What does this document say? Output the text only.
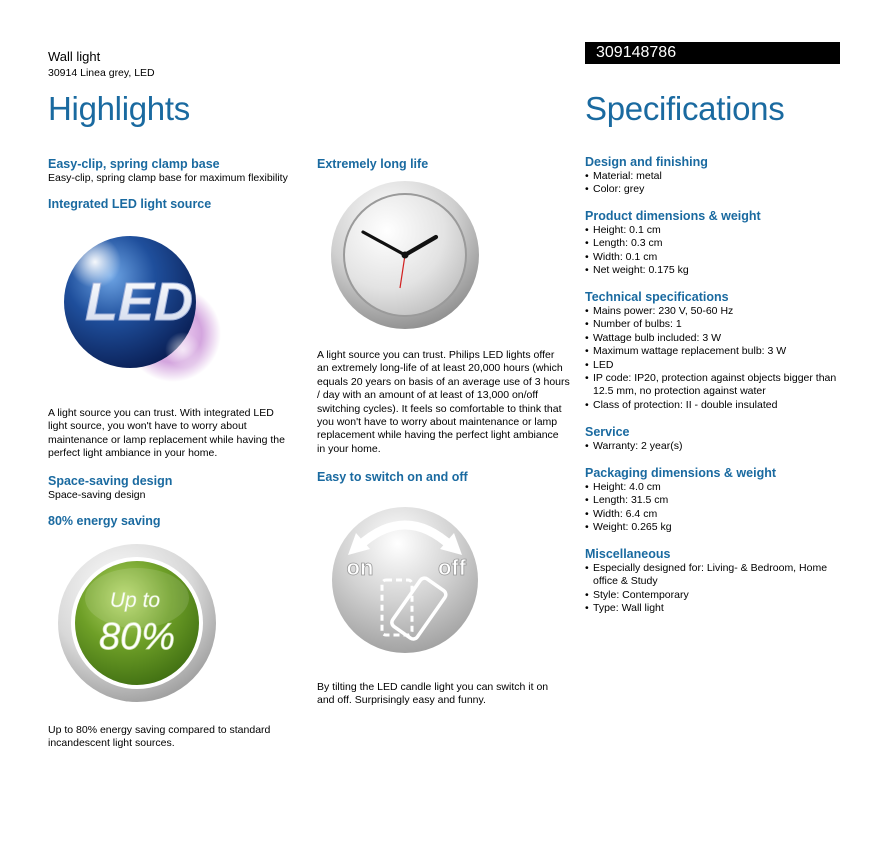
Wall light
30914 Linea grey, LED
309148786
Highlights	Specifications

Easy-clip, spring clamp base

Easy-clip, spring clamp base for maximum flexibility

Integrated LED light source

LED

A light source you can trust. With integrated LED

light source, you won't have to worry about

maintenance or lamp replacement while having the

perfect light ambiance in your home.

Space-saving design

Space-saving design

80% energy saving

Up to
80%

Up to 80% energy saving compared to standard

incandescent light sources.

Extremely long life

A light source you can trust. Philips LED lights offer

an extremely long-life of at least 20,000 hours (which

equals 20 years on basis of an average use of 3 hours

/ day with an amount of at least of 13,000 on/off

switching cycles). It feels so comfortable to think that

you won't have to worry about maintenance or lamp

replacement while having the perfect light ambiance

in your home.

Easy to switch on and off

on	off

By tilting the LED candle light you can switch it on

and off. Surprisingly easy and funny.

Design and finishing

• Material: metal
• Color: grey

Product dimensions & weight

• Height: 0.1 cm
• Length: 0.3 cm
• Width: 0.1 cm
• Net weight: 0.175 kg

Technical specifications

• Mains power: 230 V, 50-60 Hz
• Number of bulbs: 1
• Wattage bulb included: 3 W
• Maximum wattage replacement bulb: 3 W
• LED
• IP code: IP20, protection against objects bigger than 12.5 mm, no protection against water
• Class of protection: II - double insulated

Service

• Warranty: 2 year(s)

Packaging dimensions & weight

• Height: 4.0 cm
• Length: 31.5 cm
• Width: 6.4 cm
• Weight: 0.265 kg

Miscellaneous

• Especially designed for: Living- & Bedroom, Home office & Study
• Style: Contemporary
• Type: Wall light
